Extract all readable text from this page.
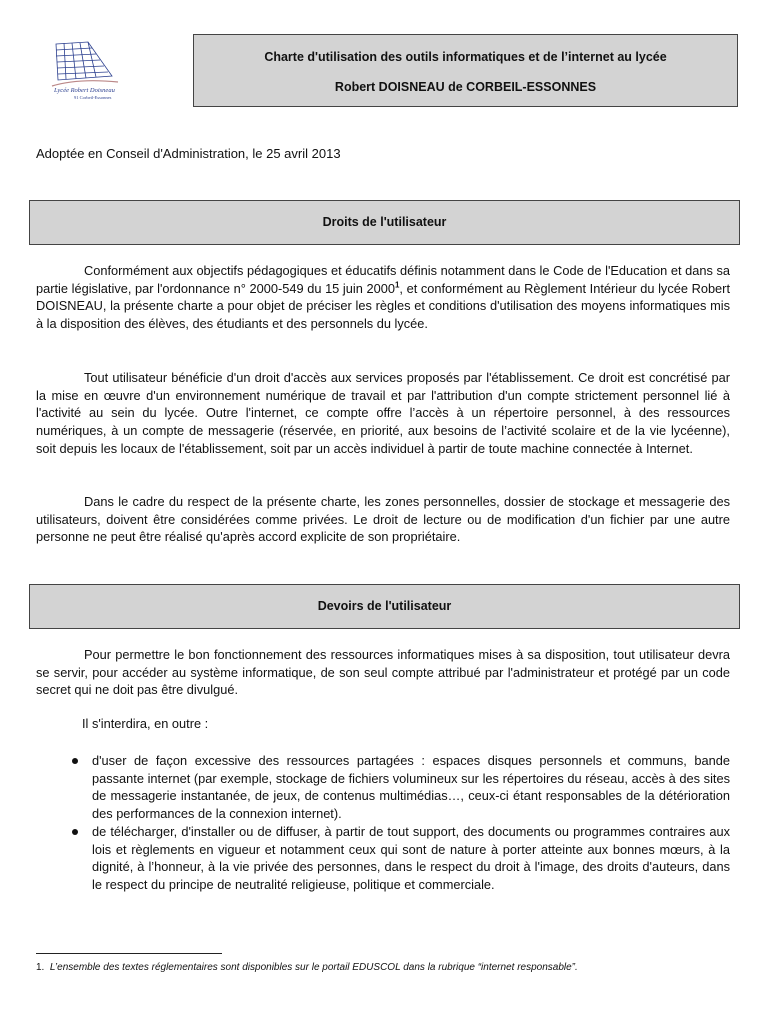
Lycée Robert Doisneau
91 Corbeil-Essonnes
Charte d'utilisation des outils informatiques et de l’internet au lycée
Robert DOISNEAU de CORBEIL-ESSONNES
Adoptée en Conseil d'Administration, le 25 avril 2013
Droits de l'utilisateur

Conformément aux objectifs pédagogiques et éducatifs définis notamment dans le Code de l'Education et dans sa partie législative, par l'ordonnance n° 2000-549 du 15 juin 2000$^1$, et conformément au Règlement Intérieur du lycée Robert DOISNEAU, la présente charte a pour objet de préciser les règles et conditions d'utilisation des moyens informatiques mis à la disposition des élèves, des étudiants et des personnels du lycée.

Tout utilisateur bénéficie d'un droit d'accès aux services proposés par l'établissement. Ce droit est concrétisé par la mise en œuvre d'un environnement numérique de travail et par l'attribution d'un compte strictement personnel lié à l'activité au sein du lycée. Outre l'internet, ce compte offre l’accès à un répertoire personnel, à des ressources numériques, à un compte de messagerie (réservée, en priorité, aux besoins de l’activité scolaire et de la vie lycéenne), soit depuis les locaux de l'établissement, soit par un accès individuel à partir de toute machine connectée à Internet.

Dans le cadre du respect de la présente charte, les zones personnelles, dossier de stockage et messagerie des utilisateurs, doivent être considérées comme privées. Le droit de lecture ou de modification d'un fichier par une autre personne ne peut être réalisé qu'après accord explicite de son propriétaire.

Devoirs de l'utilisateur

Pour permettre le bon fonctionnement des ressources informatiques mises à sa disposition, tout utilisateur devra se servir, pour accéder au système informatique, de son seul compte attribué par l'administrateur et protégé par un code secret qui ne doit pas être divulgué.

Il s'interdira, en outre :
d'user de façon excessive des ressources partagées : espaces disques personnels et communs, bande passante internet (par exemple, stockage de fichiers volumineux sur les répertoires du réseau, accès à des sites de messagerie instantanée, de jeux, de contenus multimédias…, ceux-ci étant responsables de la détérioration des performances de la connexion internet).
de télécharger, d'installer ou de diffuser, à partir de tout support, des documents ou programmes contraires aux lois et règlements en vigueur et notamment ceux qui sont de nature à porter atteinte aux bonnes mœurs, à la dignité, à l’honneur, à la vie privée des personnes, dans le respect du droit à l'image, des droits d'auteurs, dans le respect du principe de neutralité religieuse, politique et commerciale.
1. L’ensemble des textes réglementaires sont disponibles sur le portail EDUSCOL dans la rubrique “internet responsable”.
